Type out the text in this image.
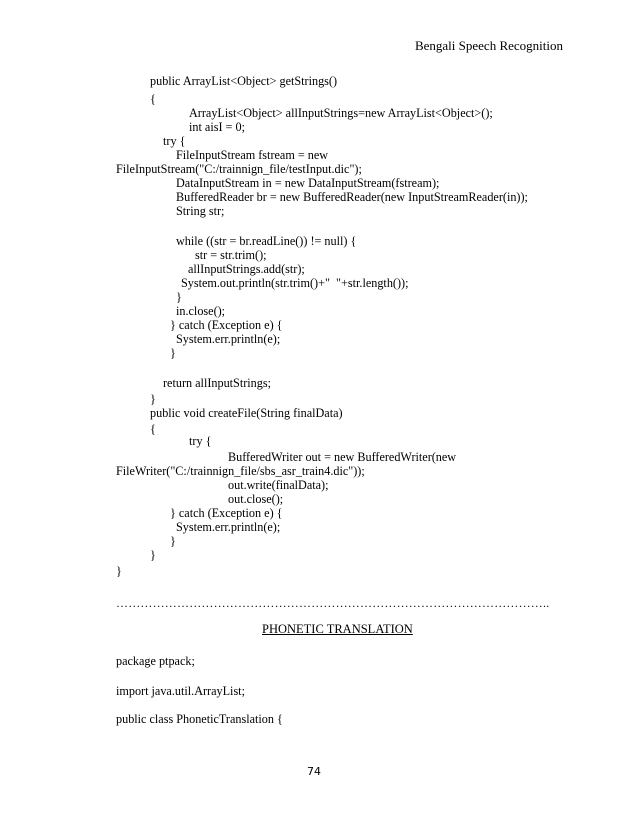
Bengali Speech Recognition
public ArrayList<Object> getStrings()
{
ArrayList<Object> allInputStrings=new ArrayList<Object>();
int aisI = 0;
try {
FileInputStream fstream = new
FileInputStream("C:/trainnign_file/testInput.dic");
DataInputStream in = new DataInputStream(fstream);
BufferedReader br = new BufferedReader(new InputStreamReader(in));
String str;
while ((str = br.readLine()) != null) {
str = str.trim();
allInputStrings.add(str);
System.out.println(str.trim()+"  "+str.length());
}
in.close();
} catch (Exception e) {
System.err.println(e);
}
return allInputStrings;
}
public void createFile(String finalData)
{
try {
BufferedWriter out = new BufferedWriter(new
FileWriter("C:/trainnign_file/sbs_asr_train4.dic"));
out.write(finalData);
out.close();
} catch (Exception e) {
System.err.println(e);
}
}
}
……………………………………………………………………………………………..
PHONETIC TRANSLATION
package ptpack;
import java.util.ArrayList;
public class PhoneticTranslation {
74
